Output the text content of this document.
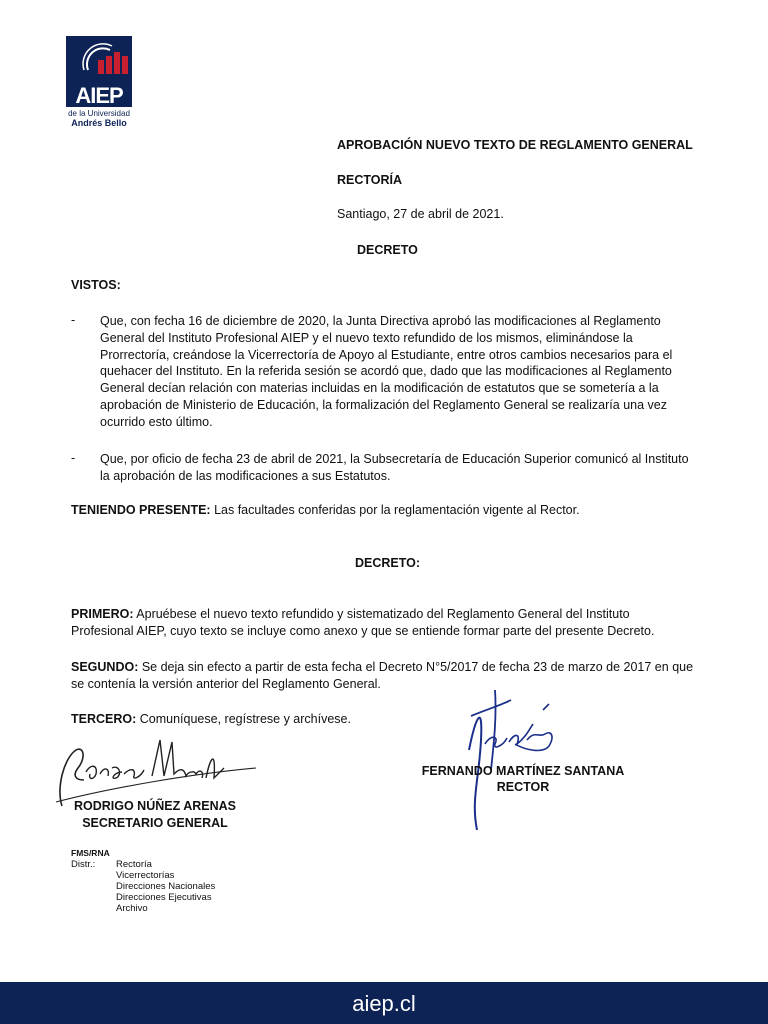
AIEP
de la Universidad
Andrés Bello
APROBACIÓN NUEVO TEXTO DE REGLAMENTO GENERAL
RECTORÍA
Santiago, 27 de abril de 2021.
DECRETO
VISTOS:
- Que, con fecha 16 de diciembre de 2020, la Junta Directiva aprobó las modificaciones al Reglamento
General del Instituto Profesional AIEP y el nuevo texto refundido de los mismos, eliminándose la
Prorrectoría, creándose la Vicerrectoría de Apoyo al Estudiante, entre otros cambios necesarios para el
quehacer del Instituto. En la referida sesión se acordó que, dado que las modificaciones al Reglamento
General decían relación con materias incluidas en la modificación de estatutos que se sometería a la
aprobación de Ministerio de Educación, la formalización del Reglamento General se realizaría una vez
ocurrido esto último.
- Que, por oficio de fecha 23 de abril de 2021, la Subsecretaría de Educación Superior comunicó al Instituto
la aprobación de las modificaciones a sus Estatutos.
TENIENDO PRESENTE: Las facultades conferidas por la reglamentación vigente al Rector.
DECRETO:
PRIMERO: Apruébese el nuevo texto refundido y sistematizado del Reglamento General del Instituto
Profesional AIEP, cuyo texto se incluye como anexo y que se entiende formar parte del presente Decreto.
SEGUNDO: Se deja sin efecto a partir de esta fecha el Decreto N°5/2017 de fecha 23 de marzo de 2017 en que
se contenía la versión anterior del Reglamento General.
TERCERO: Comuníquese, regístrese y archívese.
FERNANDO MARTÍNEZ SANTANA
RECTOR
RODRIGO NÚÑEZ ARENAS
SECRETARIO GENERAL
FMS/RNA
Distr.: Rectoría
Vicerrectorías
Direcciones Nacionales
Direcciones Ejecutivas
Archivo
aiep.cl
